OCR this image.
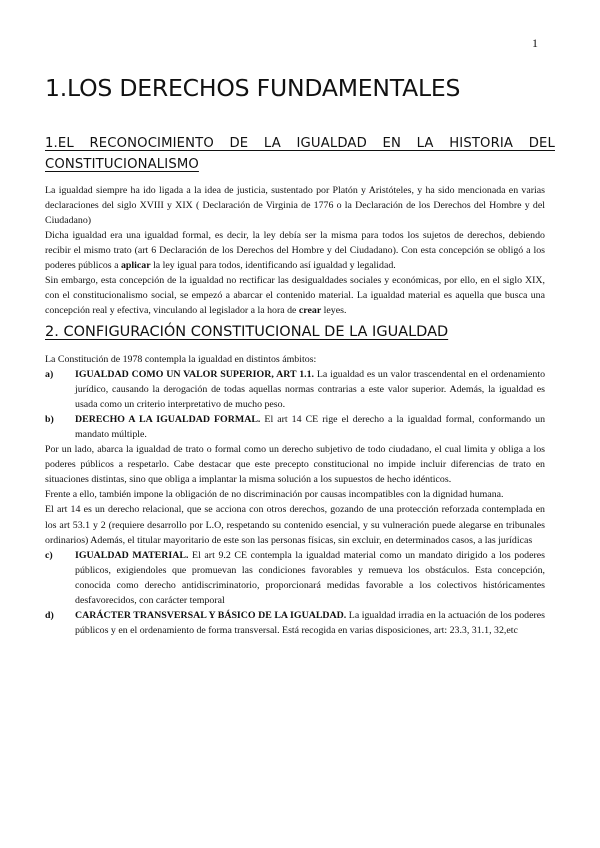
1
1.LOS DERECHOS FUNDAMENTALES
1.EL RECONOCIMIENTO DE LA IGUALDAD EN LA HISTORIA DEL CONSTITUCIONALISMO

La igualdad siempre ha ido ligada a la idea de justicia, sustentado por Platón y Aristóteles, y ha sido mencionada en varias declaraciones del siglo XVIII y XIX ( Declaración de Virginia de 1776 o la Declaración de los Derechos del Hombre y del Ciudadano)

Dicha igualdad era una igualdad formal, es decir, la ley debía ser la misma para todos los sujetos de derechos, debiendo recibir el mismo trato (art 6 Declaración de los Derechos del Hombre y del Ciudadano). Con esta concepción se obligó a los poderes públicos a aplicar la ley igual para todos, identificando así igualdad y legalidad.

Sin embargo, esta concepción de la igualdad no rectificar las desigualdades sociales y económicas, por ello, en el siglo XIX, con el constitucionalismo social, se empezó a abarcar el contenido material. La igualdad material es aquella que busca una concepción real y efectiva, vinculando al legislador a la hora de crear leyes.

2. CONFIGURACIÓN CONSTITUCIONAL DE LA IGUALDAD

La Constitución de 1978 contempla la igualdad en distintos ámbitos:

a)	IGUALDAD COMO UN VALOR SUPERIOR, ART 1.1. La igualdad es un valor trascendental en el ordenamiento jurídico, causando la derogación de todas aquellas normas contrarias a este valor superior. Además, la igualdad es usada como un criterio interpretativo de mucho peso.
b)	DERECHO A LA IGUALDAD FORMAL. El art 14 CE rige el derecho a la igualdad formal, conformando un mandato múltiple.

Por un lado, abarca la igualdad de trato o formal como un derecho subjetivo de todo ciudadano, el cual limita y obliga a los poderes públicos a respetarlo. Cabe destacar que este precepto constitucional no impide incluir diferencias de trato en situaciones distintas, sino que obliga a implantar la misma solución a los supuestos de hecho idénticos.

Frente a ello, también impone la obligación de no discriminación por causas incompatibles con la dignidad humana.

El art 14 es un derecho relacional, que se acciona con otros derechos, gozando de una protección reforzada contemplada en los art 53.1 y 2 (requiere desarrollo por L.O, respetando su contenido esencial, y su vulneración puede alegarse en tribunales ordinarios) Además, el titular mayoritario de este son las personas físicas, sin excluir, en determinados casos, a las jurídicas

c)	IGUALDAD MATERIAL. El art 9.2 CE contempla la igualdad material como un mandato dirigido a los poderes públicos, exigiendoles que promuevan las condiciones favorables y remueva los obstáculos. Esta concepción, conocida como derecho antidiscriminatorio, proporcionará medidas favorable a los colectivos históricamentes desfavorecidos, con carácter temporal
d)	CARÁCTER TRANSVERSAL Y BÁSICO DE LA IGUALDAD. La igualdad irradia en la actuación de los poderes públicos y en el ordenamiento de forma transversal. Está recogida en varias disposiciones, art: 23.3, 31.1, 32,etc
